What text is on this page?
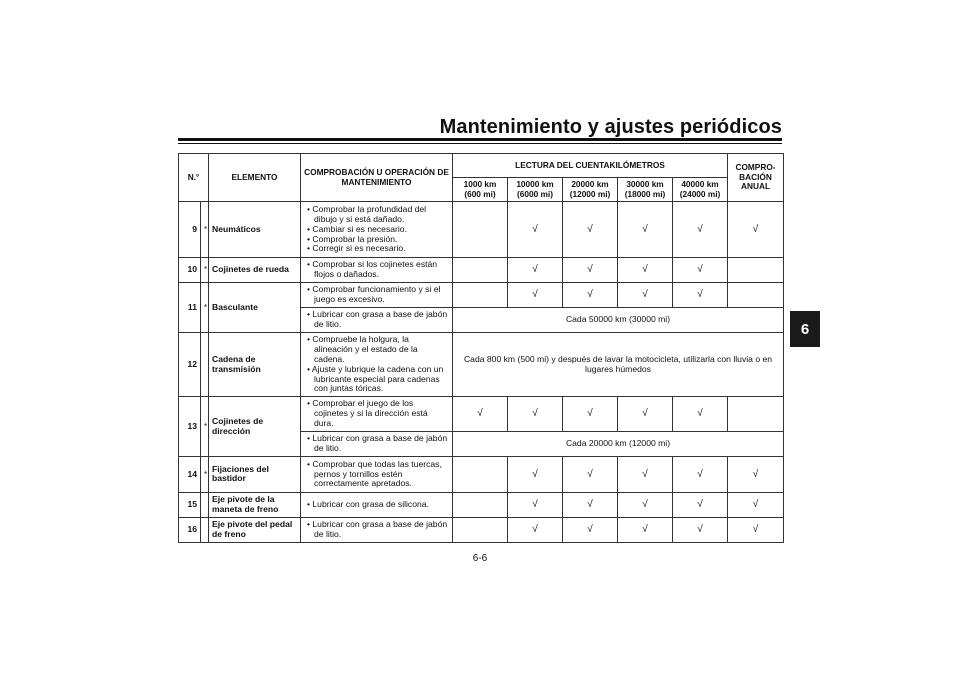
Mantenimiento y ajustes periódicos
6
N.°		ELEMENTO	COMPROBACIÓN U OPERACIÓN DE MANTENIMIENTO	LECTURA DEL CUENTAKILÓMETROS					COMPRO-BACIÓN ANUAL
				1000 km (600 mi)	10000 km (6000 mi)	20000 km (12000 mi)	30000 km (18000 mi)	40000 km (24000 mi)	
9	*	Neumáticos	• Comprobar la profundidad del dibujo y si está dañado.
• Cambiar si es necesario.
• Comprobar la presión.
• Corregir si es necesario.		√	√	√	√	√
10	*	Cojinetes de rueda	• Comprobar si los cojinetes están flojos o dañados.		√	√	√	√	
11	*	Basculante	• Comprobar funcionamiento y si el juego es excesivo.		√	√	√	√	

			• Lubricar con grasa a base de jabón de litio.	Cada 50000 km (30000 mi)					
12		Cadena de transmisión	• Compruebe la holgura, la alineación y el estado de la cadena.
• Ajuste y lubrique la cadena con un lubricante especial para cadenas con juntas tóricas.	Cada 800 km (500 mi) y después de lavar la motocicleta, utilizarla con lluvia o en lugares húmedos					
13	*	Cojinetes de dirección	• Comprobar el juego de los cojinetes y si la dirección está dura.	√	√	√	√	√	

			• Lubricar con grasa a base de jabón de litio.	Cada 20000 km (12000 mi)					
14	*	Fijaciones del bastidor	• Comprobar que todas las tuercas, pernos y tornillos estén correctamente apretados.		√	√	√	√	√
15		Eje pivote de la maneta de freno	• Lubricar con grasa de silicona.		√	√	√	√	√
16		Eje pivote del pedal de freno	• Lubricar con grasa a base de jabón de litio.		√	√	√	√	√
6-6
